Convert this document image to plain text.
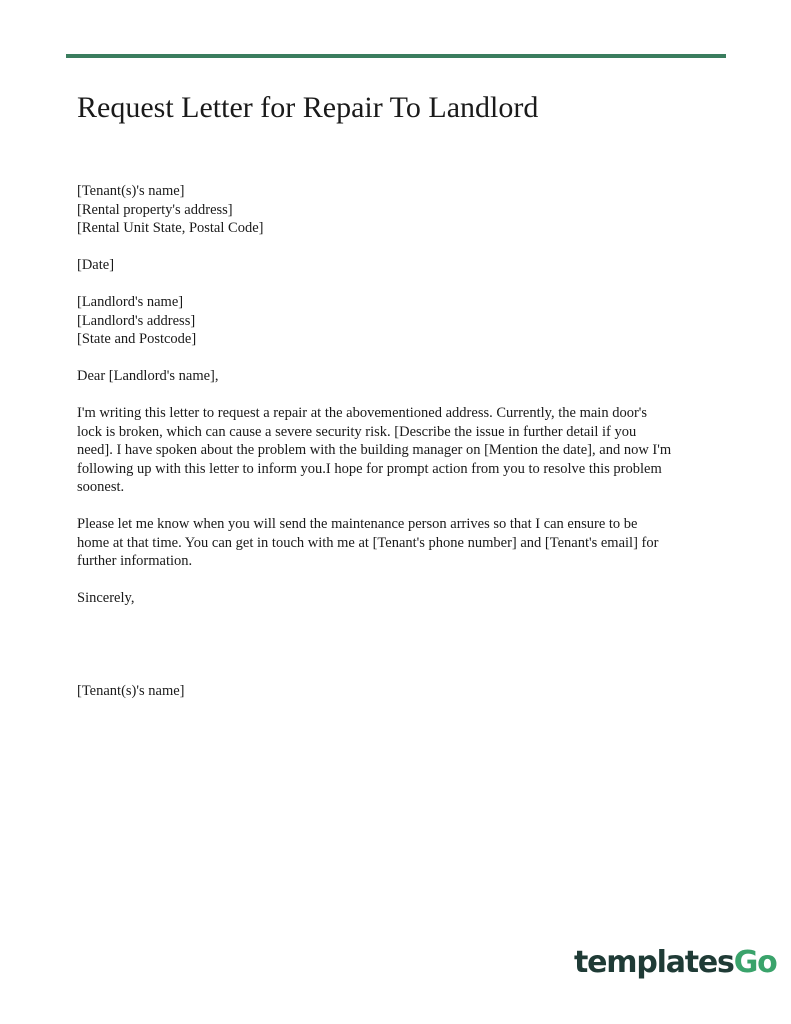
Request Letter for Repair To Landlord

[Tenant(s)'s name]
[Rental property's address]
[Rental Unit State, Postal Code]

[Date]

[Landlord's name]
[Landlord's address]
[State and Postcode]

Dear [Landlord's name],

I'm writing this letter to request a repair at the abovementioned address. Currently, the main door's
lock is broken, which can cause a severe security risk. [Describe the issue in further detail if you
need]. I have spoken about the problem with the building manager on [Mention the date], and now I'm
following up with this letter to inform you.I hope for prompt action from you to resolve this problem
soonest.

Please let me know when you will send the maintenance person arrives so that I can ensure to be
home at that time. You can get in touch with me at [Tenant's phone number] and [Tenant's email] for
further information.

Sincerely,

[Tenant(s)'s name]

templates Go
